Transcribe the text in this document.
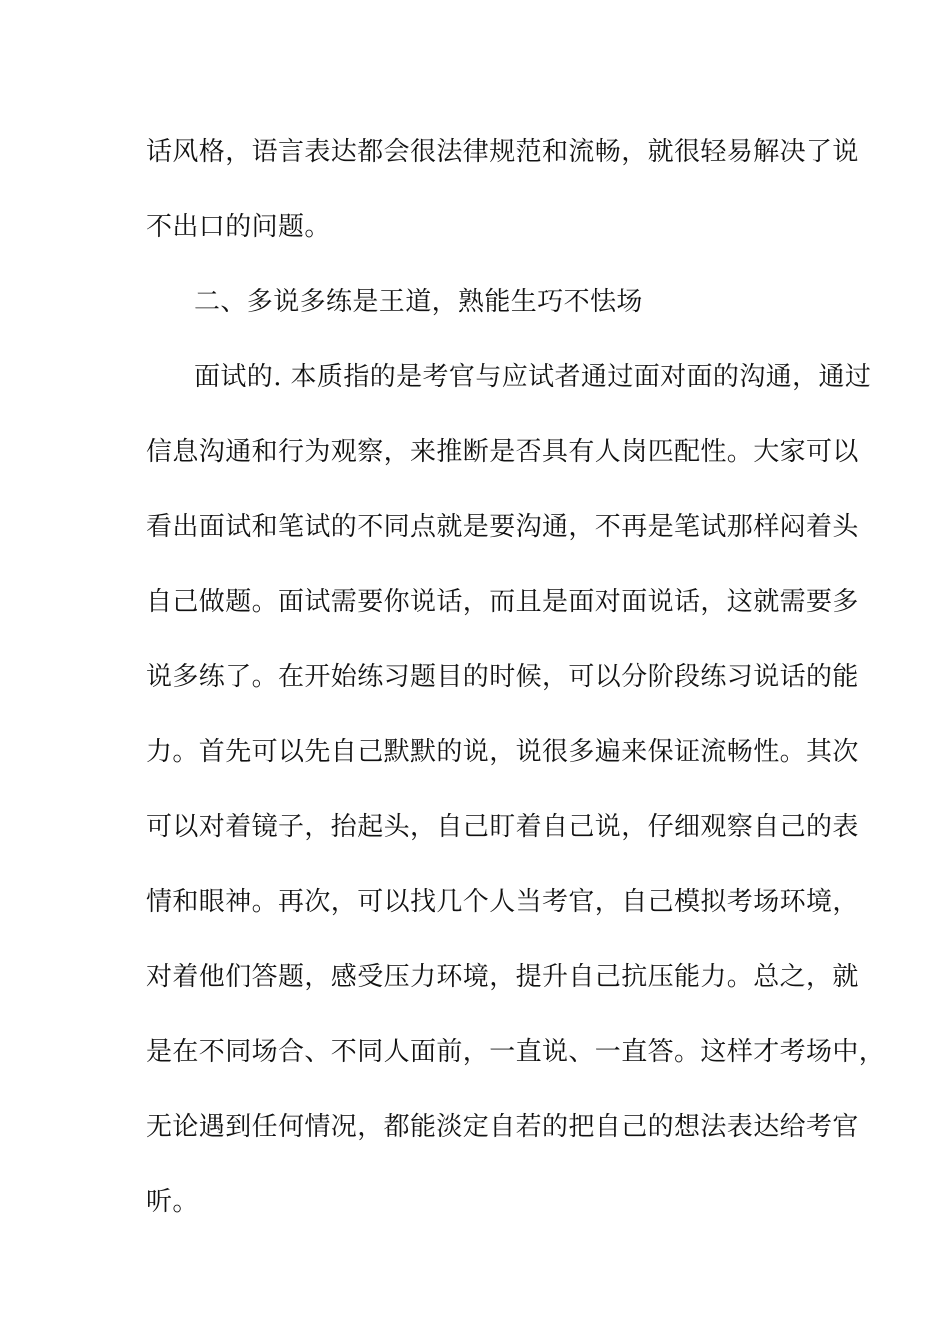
话风格，语言表达都会很法律规范和流畅，就很轻易解决了说
不出口的问题。
二、多说多练是王道，熟能生巧不怯场
面试的. 本质指的是考官与应试者通过面对面的沟通，通过
信息沟通和行为观察，来推断是否具有人岗匹配性。大家可以
看出面试和笔试的不同点就是要沟通，不再是笔试那样闷着头
自己做题。面试需要你说话，而且是面对面说话，这就需要多
说多练了。在开始练习题目的时候，可以分阶段练习说话的能
力。首先可以先自己默默的说，说很多遍来保证流畅性。其次
可以对着镜子，抬起头，自己盯着自己说，仔细观察自己的表
情和眼神。再次，可以找几个人当考官，自己模拟考场环境，
对着他们答题，感受压力环境，提升自己抗压能力。总之，就
是在不同场合、不同人面前，一直说、一直答。这样才考场中，
无论遇到任何情况，都能淡定自若的把自己的想法表达给考官
听。
